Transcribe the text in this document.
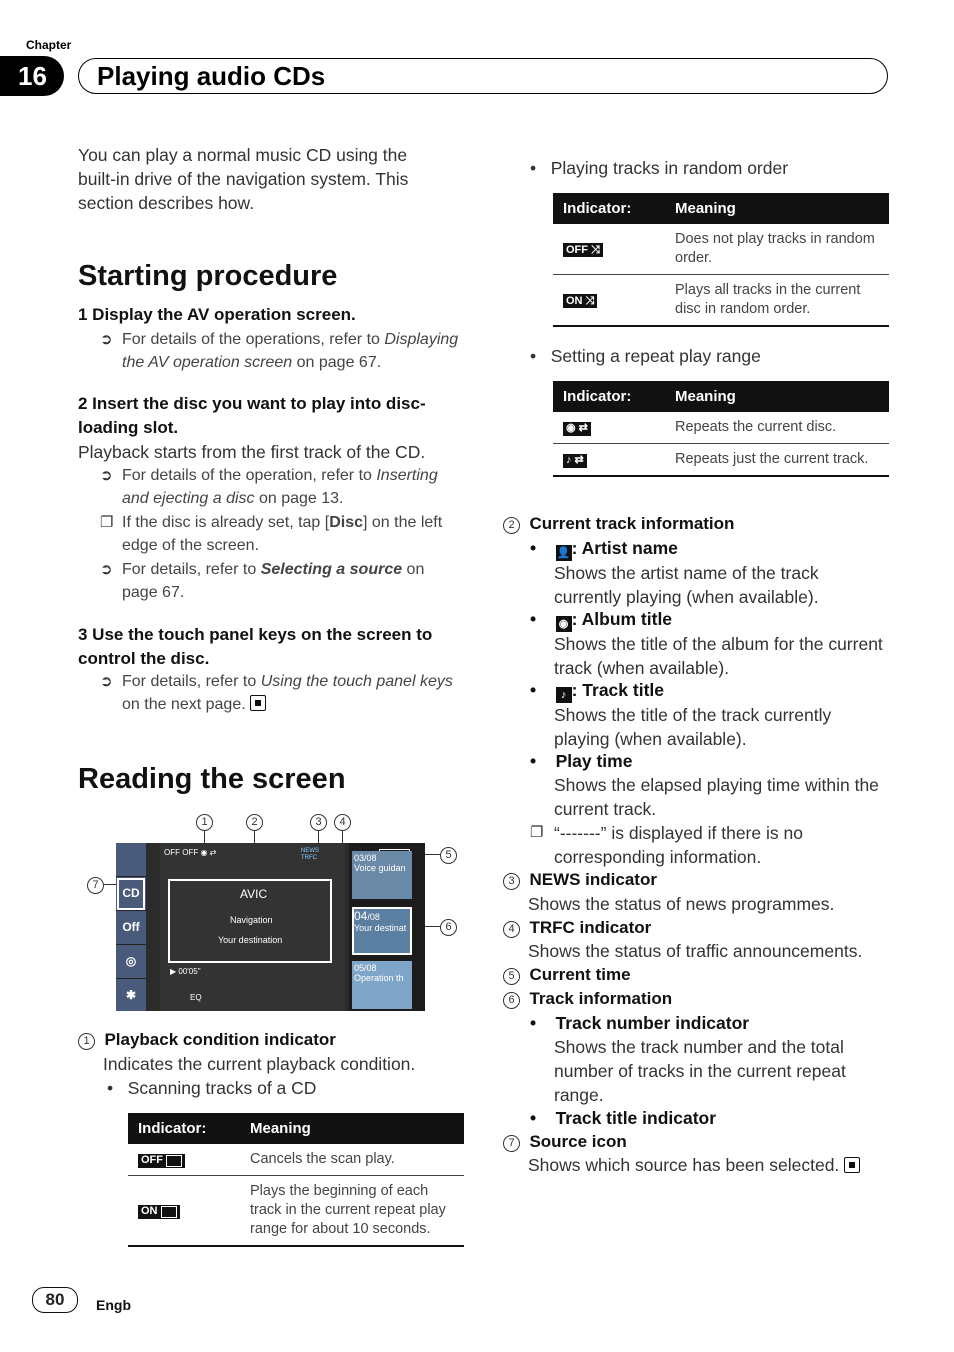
Chapter
16	Playing audio CDs
You can play a normal music CD using the built-in drive of the navigation system. This section describes how.
Starting procedure
1 Display the AV operation screen.
➲ For details of the operations, refer to Displaying the AV operation screen on page 67.
2 Insert the disc you want to play into disc-loading slot.
Playback starts from the first track of the CD.
➲ For details of the operation, refer to Inserting and ejecting a disc on page 13.
❐ If the disc is already set, tap [Disc] on the left edge of the screen.
➲ For details, refer to Selecting a source on page 67.
3 Use the touch panel keys on the screen to control the disc.
➲ For details, refer to Using the touch panel keys on the next page.
Reading the screen
1	2	3	4
5
6
7
CD
Off
◎
✱
OFF OFF ◉ ⇄
AVIC
Navigation
Your destination
▶ 00'05"
EQ
NEWS
TRFC	03/08
Voice guidan
04/08
Your destinat
05/08
Operation th
1 Playback condition indicator
Indicates the current playback condition.
•   Scanning tracks of a CD
Indicator:	Meaning

OFF	Cancels the scan play.

ON	Plays the beginning of each track in the current repeat play range for about 10 seconds.
•   Playing tracks in random order
Indicator:	Meaning

OFF ⤨	Does not play tracks in random order.

ON ⤨	Plays all tracks in the current disc in random order.
•   Setting a repeat play range
Indicator:	Meaning
◉ ⇄	Repeats the current disc.
♪ ⇄	Repeats just the current track.
2 Current track information
•    👤: Artist name
Shows the artist name of the track currently playing (when available).
•    ◉ : Album title
Shows the title of the album for the current track (when available).
•    ♪ : Track title
Shows the title of the track currently playing (when available).
•    Play time
Shows the elapsed playing time within the current track.
❐ “-------” is displayed if there is no corresponding information.
3 NEWS indicator
Shows the status of news programmes.
4 TRFC indicator
Shows the status of traffic announcements.
5 Current time
6 Track information
•    Track number indicator
Shows the track number and the total number of tracks in the current repeat range.
•    Track title indicator
7 Source icon
Shows which source has been selected.
80	Engb
